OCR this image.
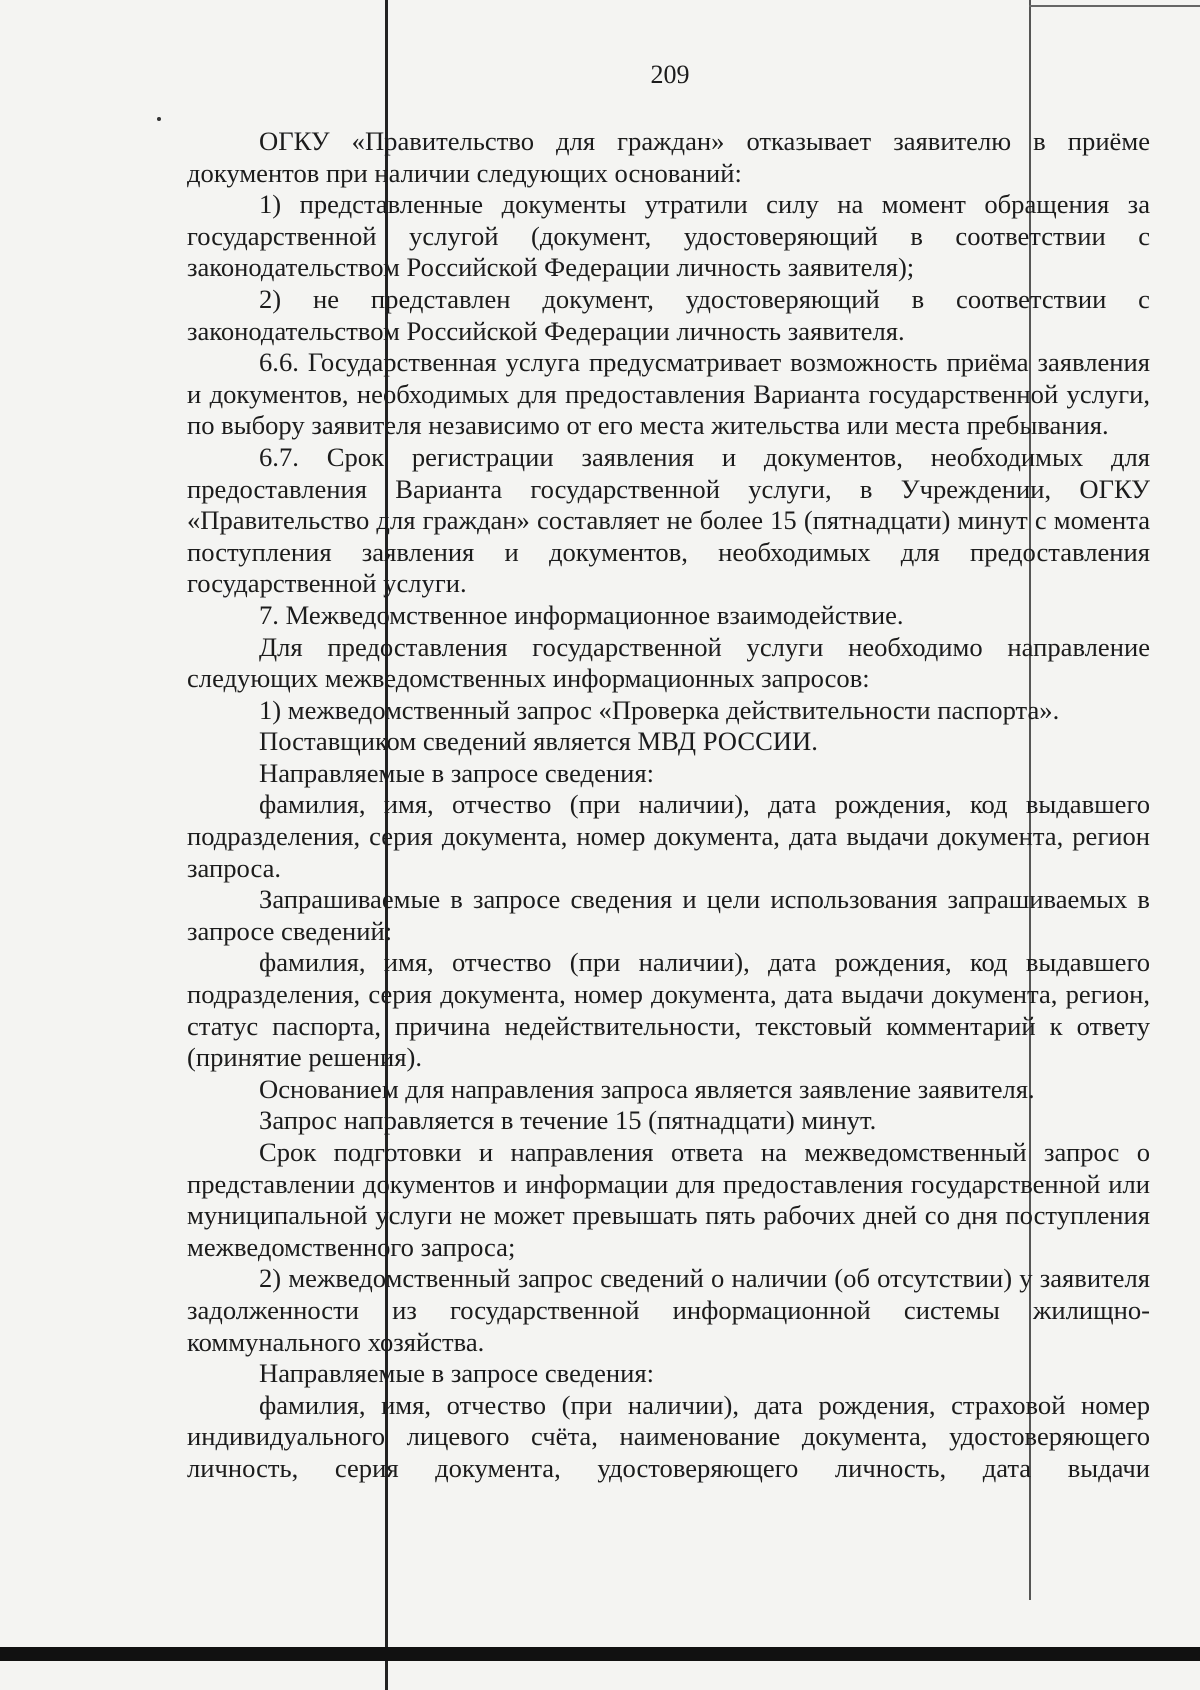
209

ОГКУ «Правительство для граждан» отказывает заявителю в приёме документов при наличии следующих оснований:

1) представленные документы утратили силу на момент обращения за государственной услугой (документ, удостоверяющий в соответствии с законодательством Российской Федерации личность заявителя);

2) не представлен документ, удостоверяющий в соответствии с законодательством Российской Федерации личность заявителя.

6.6. Государственная услуга предусматривает возможность приёма заявления и документов, необходимых для предоставления Варианта государственной услуги, по выбору заявителя независимо от его места жительства или места пребывания.

6.7. Срок регистрации заявления и документов, необходимых для предоставления Варианта государственной услуги, в Учреждении, ОГКУ «Правительство для граждан» составляет не более 15 (пятнадцати) минут с момента поступления заявления и документов, необходимых для предоставления государственной услуги.

7. Межведомственное информационное взаимодействие.

Для предоставления государственной услуги необходимо направление следующих межведомственных информационных запросов:

1) межведомственный запрос «Проверка действительности паспорта».

Поставщиком сведений является МВД РОССИИ.

Направляемые в запросе сведения:

фамилия, имя, отчество (при наличии), дата рождения, код выдавшего подразделения, серия документа, номер документа, дата выдачи документа, регион запроса.

Запрашиваемые в запросе сведения и цели использования запрашиваемых в запросе сведений:

фамилия, имя, отчество (при наличии), дата рождения, код выдавшего подразделения, серия документа, номер документа, дата выдачи документа, регион, статус паспорта, причина недействительности, текстовый комментарий к ответу (принятие решения).

Основанием для направления запроса является заявление заявителя.

Запрос направляется в течение 15 (пятнадцати) минут.

Срок подготовки и направления ответа на межведомственный запрос о представлении документов и информации для предоставления государственной или муниципальной услуги не может превышать пять рабочих дней со дня поступления межведомственного запроса;

2) межведомственный запрос сведений о наличии (об отсутствии) у заявителя задолженности из государственной информационной системы жилищно-коммунального хозяйства.

Направляемые в запросе сведения:

фамилия, имя, отчество (при наличии), дата рождения, страховой номер индивидуального лицевого счёта, наименование документа, удостоверяющего личность, серия документа, удостоверяющего личность, дата выдачи
